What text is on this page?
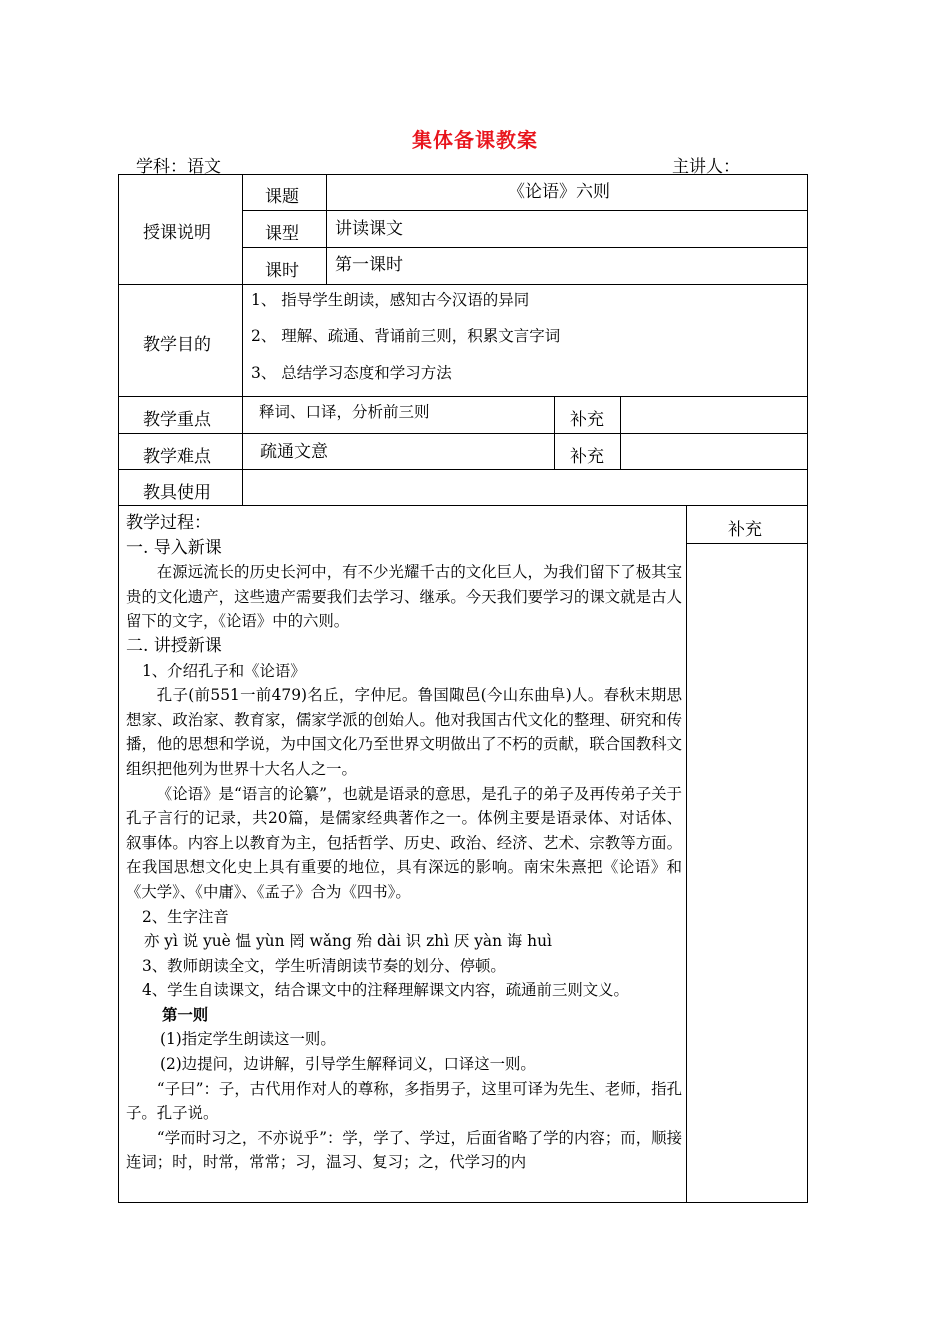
集体备课教案
学科：语文	主讲人：
授课说明
课题	《论语》六则
课型 讲读课文
课时 第一课时
教学目的
1、 指导学生朗读，感知古今汉语的异同
2、 理解、疏通、背诵前三则，积累文言字词
3、 总结学习态度和学习方法
教学重点	释词、口译，分析前三则	补充
教学难点	疏通文意	补充
教具使用
补充

教学过程：

一. 导入新课

在源远流长的历史长河中，有不少光耀千古的文化巨人，为我们留下了极其宝贵的文化遗产，这些遗产需要我们去学习、继承。今天我们要学习的课文就是古人留下的文字，《论语》中的六则。

二. 讲授新课

1、介绍孔子和《论语》

孔子(前551一前479)名丘，字仲尼。鲁国陬邑(今山东曲阜)人。春秋末期思想家、政治家、教育家，儒家学派的创始人。他对我国古代文化的整理、研究和传播，他的思想和学说，为中国文化乃至世界文明做出了不朽的贡献，联合国教科文组织把他列为世界十大名人之一。

《论语》是“语言的论纂”，也就是语录的意思，是孔子的弟子及再传弟子关于孔子言行的记录，共20篇，是儒家经典著作之一。体例主要是语录体、对话体、叙事体。内容上以教育为主，包括哲学、历史、政治、经济、艺术、宗教等方面。在我国思想文化史上具有重要的地位，具有深远的影响。南宋朱熹把《论语》和《大学》、《中庸》、《孟子》合为《四书》。

2、生字注音

亦 yì 说 yuè 愠 yùn 罔 wǎng 殆 dài 识 zhì 厌 yàn 诲 huì

3、教师朗读全文，学生听清朗读节奏的划分、停顿。

4、学生自读课文，结合课文中的注释理解课文内容，疏通前三则文义。

第一则

(1)指定学生朗读这一则。

(2)边提问，边讲解，引导学生解释词义，口译这一则。

“子曰”：子，古代用作对人的尊称，多指男子，这里可译为先生、老师，指孔子。孔子说。

“学而时习之，不亦说乎”：学，学了、学过，后面省略了学的内容；而，顺接连词；时，时常，常常；习，温习、复习；之，代学习的内
